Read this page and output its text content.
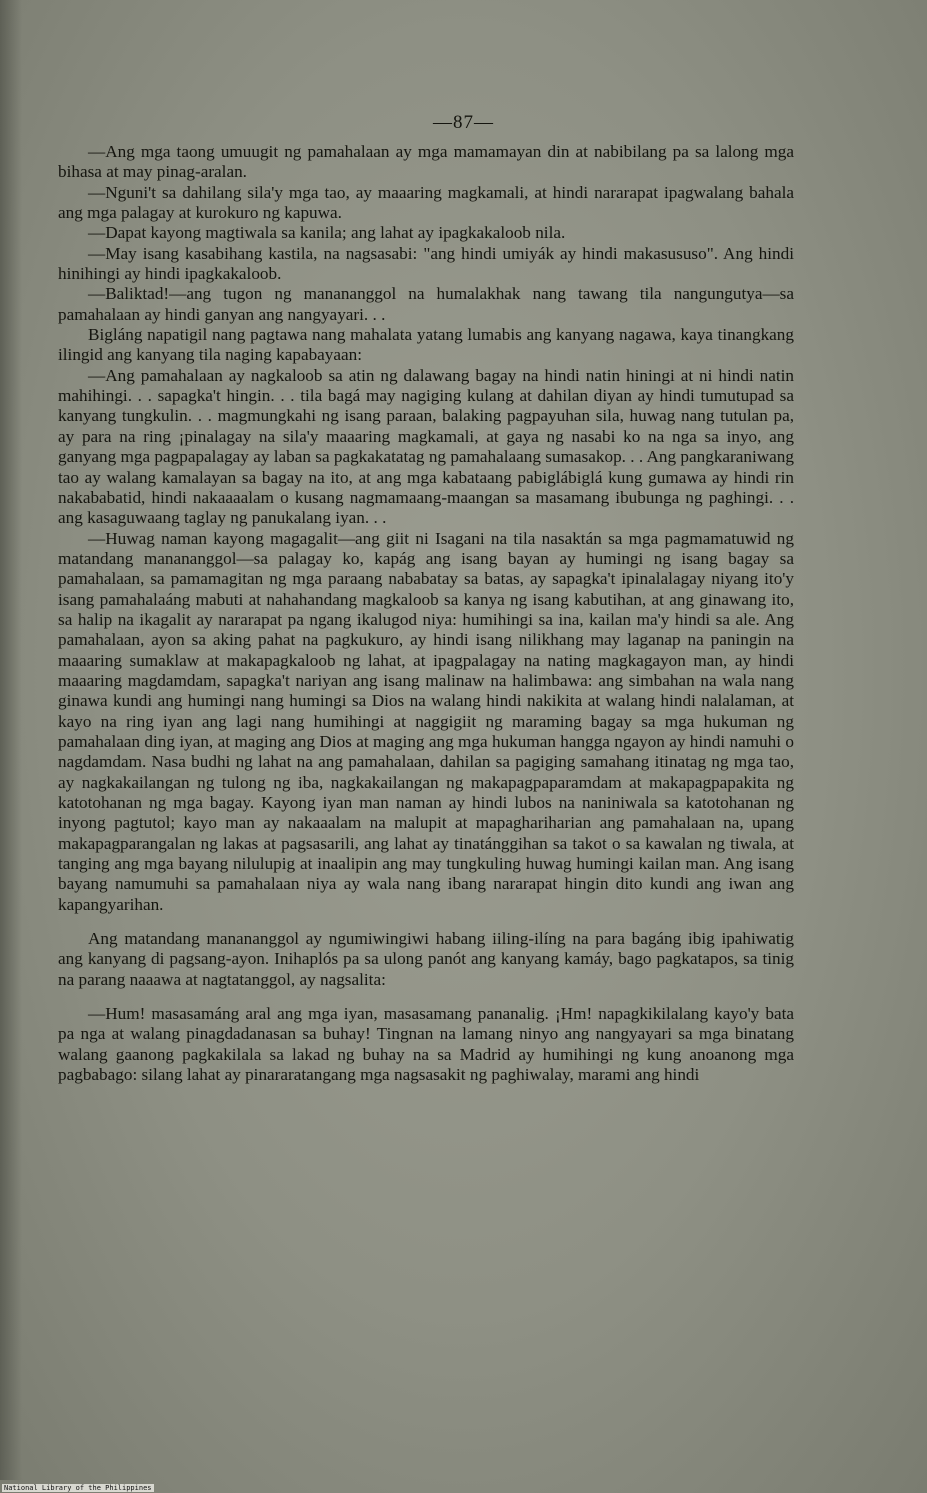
—87—

—Ang mga taong umuugit ng pamahalaan ay mga mamamayan din at nabibilang pa sa lalong mga bihasa at may pinag-aralan.

—Nguni't sa dahilang sila'y mga tao, ay maaaring magkamali, at hindi nararapat ipagwalang bahala ang mga palagay at kurokuro ng kapuwa.

—Dapat kayong magtiwala sa kanila; ang lahat ay ipagkakaloob nila.

—May isang kasabihang kastila, na nagsasabi: "ang hindi umiyák ay hindi makasususo". Ang hindi hinihingi ay hindi ipagkakaloob.

—Baliktad!—ang tugon ng manananggol na humalakhak nang tawang tila nangungutya—sa pamahalaan ay hindi ganyan ang nangyayari. . .

Bigláng napatigil nang pagtawa nang mahalata yatang lumabis ang kanyang nagawa, kaya tinangkang ilingid ang kanyang tila naging kapabayaan:

—Ang pamahalaan ay nagkaloob sa atin ng dalawang bagay na hindi natin hiningi at ni hindi natin mahihingi. . . sapagka't hingin. . . tila bagá may nagiging kulang at dahilan diyan ay hindi tumutupad sa kanyang tungkulin. . . magmungkahi ng isang paraan, balaking pagpayuhan sila, huwag nang tutulan pa, ay para na ring ¡pinalagay na sila'y maaaring magkamali, at gaya ng nasabi ko na nga sa inyo, ang ganyang mga pagpapalagay ay laban sa pagkakatatag ng pamahalaang sumasakop. . . Ang pangkaraniwang tao ay walang kamalayan sa bagay na ito, at ang mga kabataang pabiglábiglá kung gumawa ay hindi rin nakababatid, hindi nakaaaalam o kusang nagmamaang-maangan sa masamang ibubunga ng paghingi. . . ang kasaguwaang taglay ng panukalang iyan. . .

—Huwag naman kayong magagalit—ang giit ni Isagani na tila nasaktán sa mga pagmamatuwid ng matandang manananggol—sa palagay ko, kapág ang isang bayan ay humingi ng isang bagay sa pamahalaan, sa pamamagitan ng mga paraang nababatay sa batas, ay sapagka't ipinalalagay niyang ito'y isang pamahalaáng mabuti at nahahandang magkaloob sa kanya ng isang kabutihan, at ang ginawang ito, sa halip na ikagalit ay nararapat pa ngang ikalugod niya: humihingi sa ina, kailan ma'y hindi sa ale. Ang pamahalaan, ayon sa aking pahat na pagkukuro, ay hindi isang nilikhang may laganap na paningin na maaaring sumaklaw at makapagkaloob ng lahat, at ipagpalagay na nating magkagayon man, ay hindi maaaring magdamdam, sapagka't nariyan ang isang malinaw na halimbawa: ang simbahan na wala nang ginawa kundi ang humingi nang humingi sa Dios na walang hindi nakikita at walang hindi nalalaman, at kayo na ring iyan ang lagi nang humihingi at naggigiit ng maraming bagay sa mga hukuman ng pamahalaan ding iyan, at maging ang Dios at maging ang mga hukuman hangga ngayon ay hindi namuhi o nagdamdam. Nasa budhi ng lahat na ang pamahalaan, dahilan sa pagiging samahang itinatag ng mga tao, ay nagkakailangan ng tulong ng iba, nagkakailangan ng makapagpaparamdam at makapagpapakita ng katotohanan ng mga bagay. Kayong iyan man naman ay hindi lubos na naniniwala sa katotohanan ng inyong pagtutol; kayo man ay nakaaalam na malupit at mapaghariharian ang pamahalaan na, upang makapagparangalan ng lakas at pagsasarili, ang lahat ay tinatánggihan sa takot o sa kawalan ng tiwala, at tanging ang mga bayang nilulupig at inaalipin ang may tungkuling huwag humingi kailan man. Ang isang bayang namumuhi sa pamahalaan niya ay wala nang ibang nararapat hingin dito kundi ang iwan ang kapangyarihan.

Ang matandang manananggol ay ngumiwingiwi habang iiling-ilíng na para bagáng ibig ipahiwatig ang kanyang di pagsang-ayon. Inihaplós pa sa ulong panót ang kanyang kamáy, bago pagkatapos, sa tinig na parang naaawa at nagtatanggol, ay nagsalita:

—Hum! masasamáng aral ang mga iyan, masasamang pananalig. ¡Hm! napagkikilalang kayo'y bata pa nga at walang pinagdadanasan sa buhay! Tingnan na lamang ninyo ang nangyayari sa mga binatang walang gaanong pagkakilala sa lakad ng buhay na sa Madrid ay humihingi ng kung anoanong mga pagbabago: silang lahat ay pinararatangang mga nagsasakit ng paghiwalay, marami ang hindi

National Library of the Philippines
